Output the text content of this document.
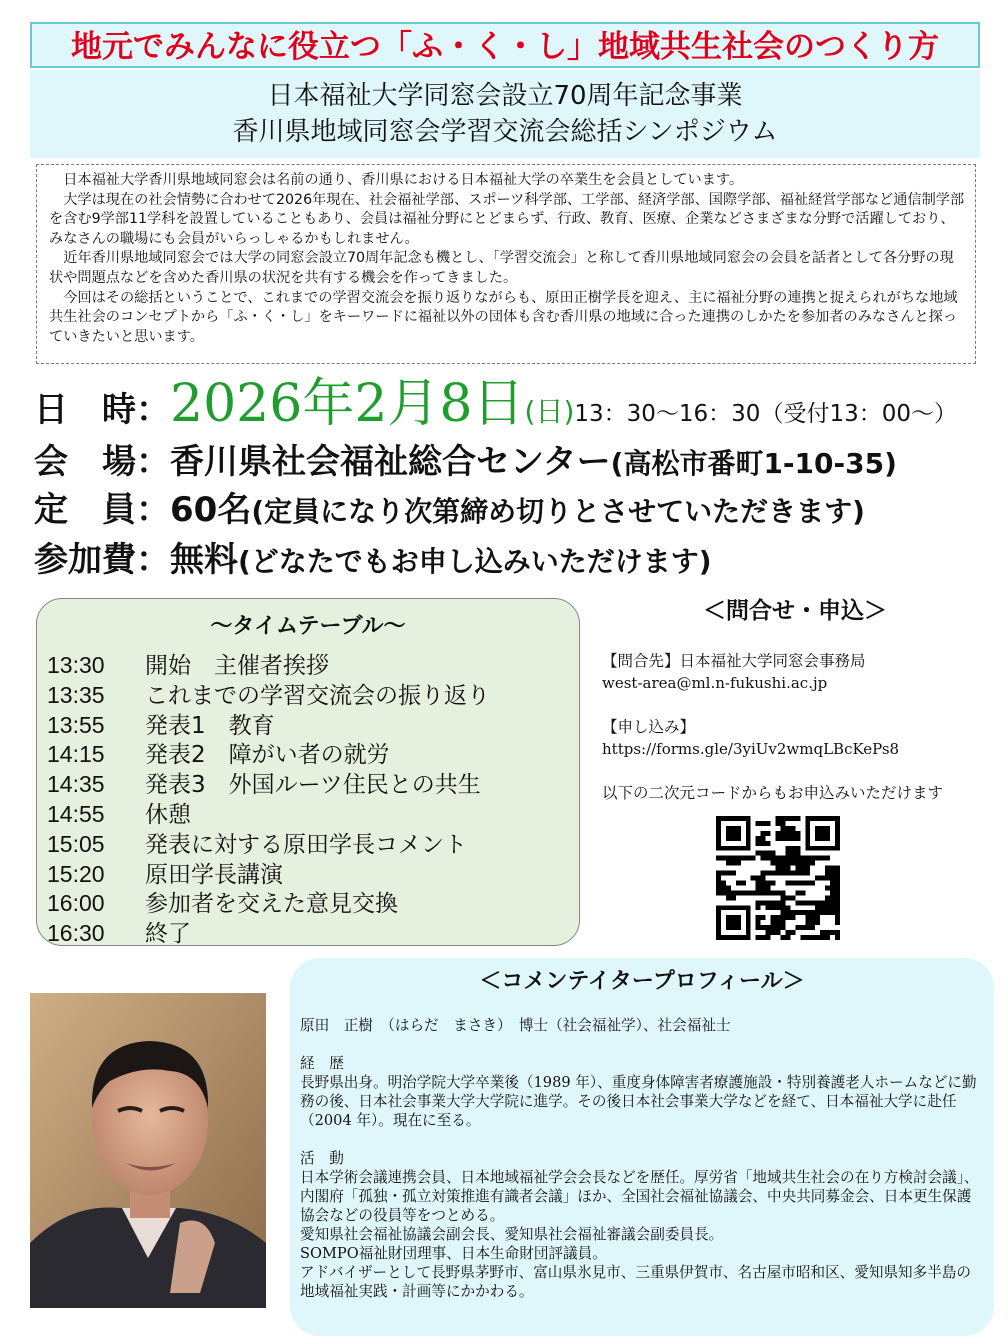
地元でみんなに役立つ「ふ・く・し」地域共生社会のつくり方
日本福祉大学同窓会設立70周年記念事業
香川県地域同窓会学習交流会総括シンポジウム

日本福祉大学香川県地域同窓会は名前の通り、香川県における日本福祉大学の卒業生を会員としています。

大学は現在の社会情勢に合わせて2026年現在、社会福祉学部、スポーツ科学部、工学部、経済学部、国際学部、福祉経営学部など通信制学部を含む9学部11学科を設置していることもあり、会員は福祉分野にとどまらず、行政、教育、医療、企業などさまざまな分野で活躍しており、みなさんの職場にも会員がいらっしゃるかもしれません。

近年香川県地域同窓会では大学の同窓会設立70周年記念も機とし、「学習交流会」と称して香川県地域同窓会の会員を話者として各分野の現状や問題点などを含めた香川県の状況を共有する機会を作ってきました。

今回はその総括ということで、これまでの学習交流会を振り返りながらも、原田正樹学長を迎え、主に福祉分野の連携と捉えられがちな地域共生社会のコンセプトから「ふ・く・し」をキーワードに福祉以外の団体も含む香川県の地域に合った連携のしかたを参加者のみなさんと探っていきたいと思います。

日　時：2026年2月8日(日)13：30～16：30（受付13：00～）
会　場：香川県社会福祉総合センター(高松市番町1-10-35)
定　員：60名(定員になり次第締め切りとさせていただきます)
参加費：無料(どなたでもお申し込みいただけます)
～タイムテーブル～
13:30 開始　主催者挨拶
13:35 これまでの学習交流会の振り返り
13:55 発表1　教育
14:15 発表2　障がい者の就労
14:35 発表3　外国ルーツ住民との共生
14:55 休憩
15:05 発表に対する原田学長コメント
15:20 原田学長講演
16:00 参加者を交えた意見交換
16:30 終了
＜問合せ・申込＞
【問合先】日本福祉大学同窓会事務局
west-area@ml.n-fukushi.ac.jp
【申し込み】
https://forms.gle/3yiUv2wmqLBcKePs8
以下の二次元コードからもお申込みいただけます
＜コメンテイタープロフィール＞
原田　正樹　（はらだ　まさき）　博士（社会福祉学）、社会福祉士
経　歴
長野県出身。明治学院大学卒業後（1989 年）、重度身体障害者療護施設・特別養護老人ホームなどに勤務の後、日本社会事業大学大学院に進学。その後日本社会事業大学などを経て、日本福祉大学に赴任（2004 年）。現在に至る。
活　動
日本学術会議連携会員、日本地域福祉学会会長などを歴任。厚労省「地域共生社会の在り方検討会議」、内閣府「孤独・孤立対策推進有識者会議」ほか、全国社会福祉協議会、中央共同募金会、日本更生保護協会などの役員等をつとめる。
愛知県社会福祉協議会副会長、愛知県社会福祉審議会副委員長。
SOMPO福祉財団理事、日本生命財団評議員。
アドバイザーとして長野県茅野市、富山県氷見市、三重県伊賀市、名古屋市昭和区、愛知県知多半島の地域福祉実践・計画等にかかわる。
